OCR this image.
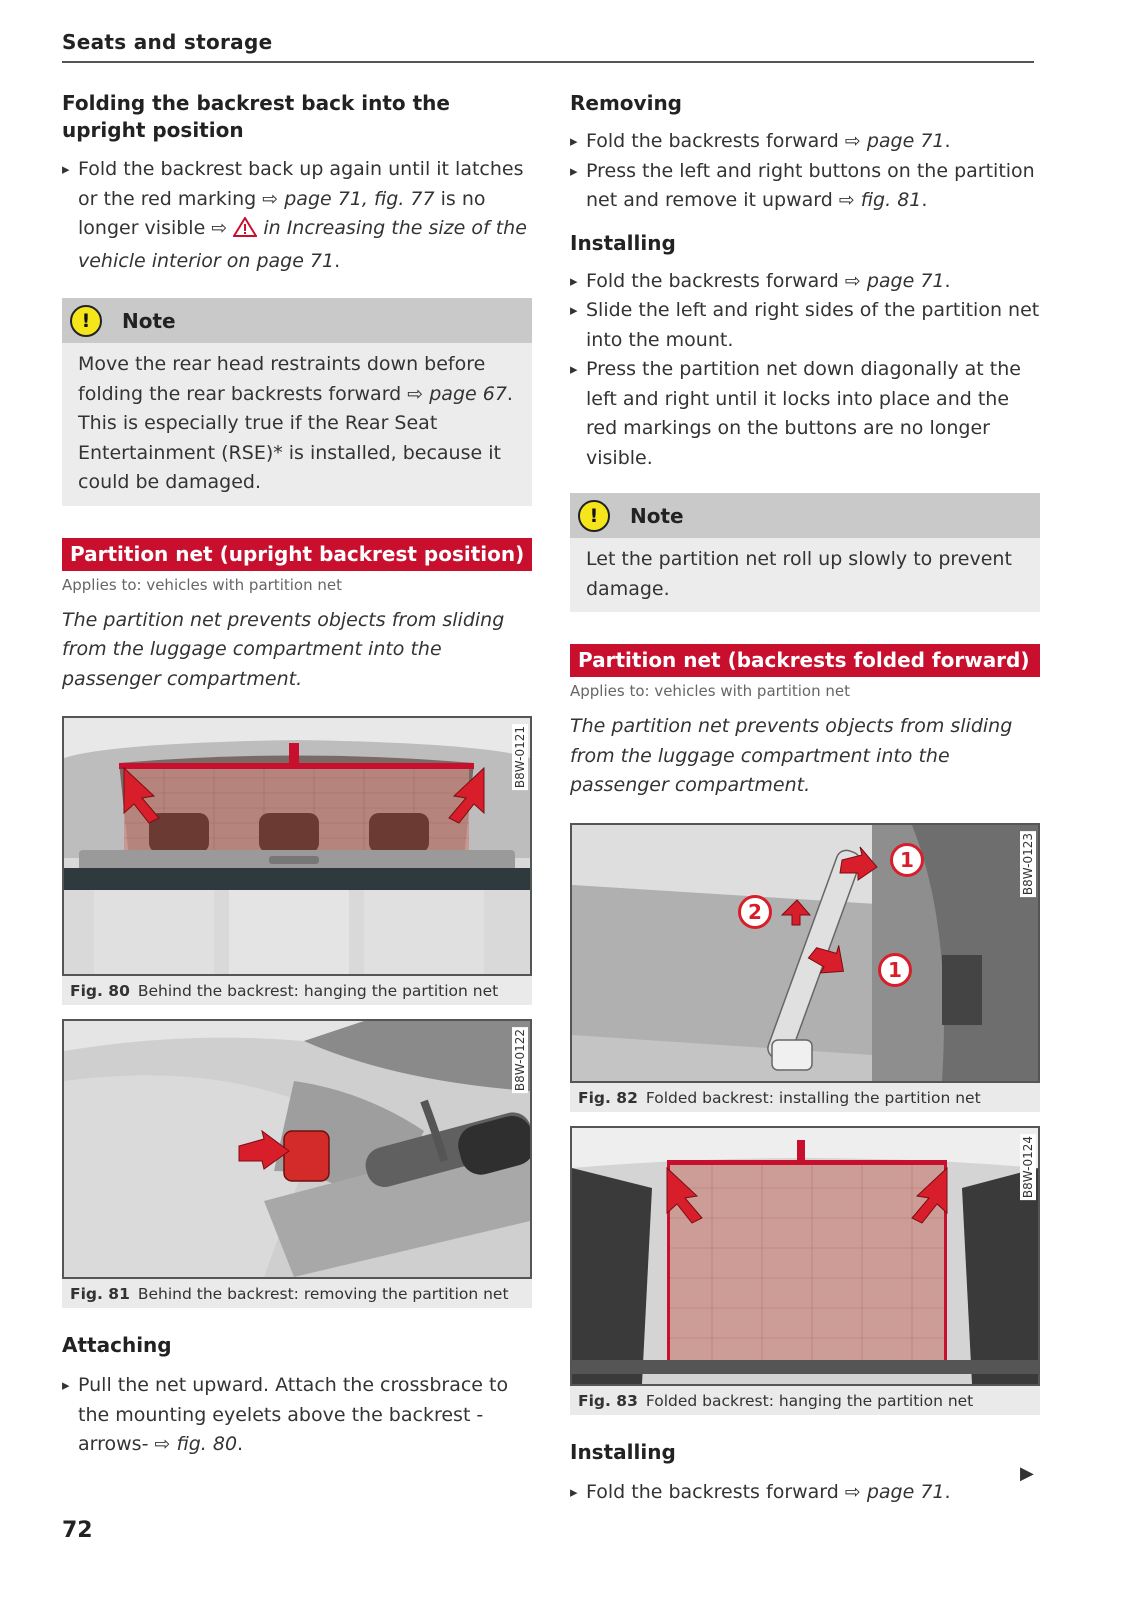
Seats and storage
Folding the backrest back into the upright position
▸ Fold the backrest back up again until it latches or the red marking ⇨ page 71, fig. 77 is no longer visible ⇨  in Increasing the size of the vehicle interior on page 71.
!	Note
Move the rear head restraints down before folding the rear backrests forward ⇨ page 67. This is especially true if the Rear Seat Entertainment (RSE)* is installed, because it could be damaged.
Partition net (upright backrest position)
Applies to: vehicles with partition net

The partition net prevents objects from sliding from the luggage compartment into the passenger compartment.

B8W-0121
Fig. 80 Behind the backrest: hanging the partition net
B8W-0122
Fig. 81 Behind the backrest: removing the partition net
Attaching
▸ Pull the net upward. Attach the crossbrace to the mounting eyelets above the backrest -arrows- ⇨ fig. 80.
Removing
▸ Fold the backrests forward ⇨ page 71.
▸ Press the left and right buttons on the partition net and remove it upward ⇨ fig. 81.
Installing
▸ Fold the backrests forward ⇨ page 71.
▸ Slide the left and right sides of the partition net into the mount.
▸ Press the partition net down diagonally at the left and right until it locks into place and the red markings on the buttons are no longer visible.
!	Note
Let the partition net roll up slowly to prevent damage.
Partition net (backrests folded forward)
Applies to: vehicles with partition net

The partition net prevents objects from sliding from the luggage compartment into the passenger compartment.

1
2
1
B8W-0123
Fig. 82 Folded backrest: installing the partition net
B8W-0124
Fig. 83 Folded backrest: hanging the partition net
Installing
▸ Fold the backrests forward ⇨ page 71.
▶
72
